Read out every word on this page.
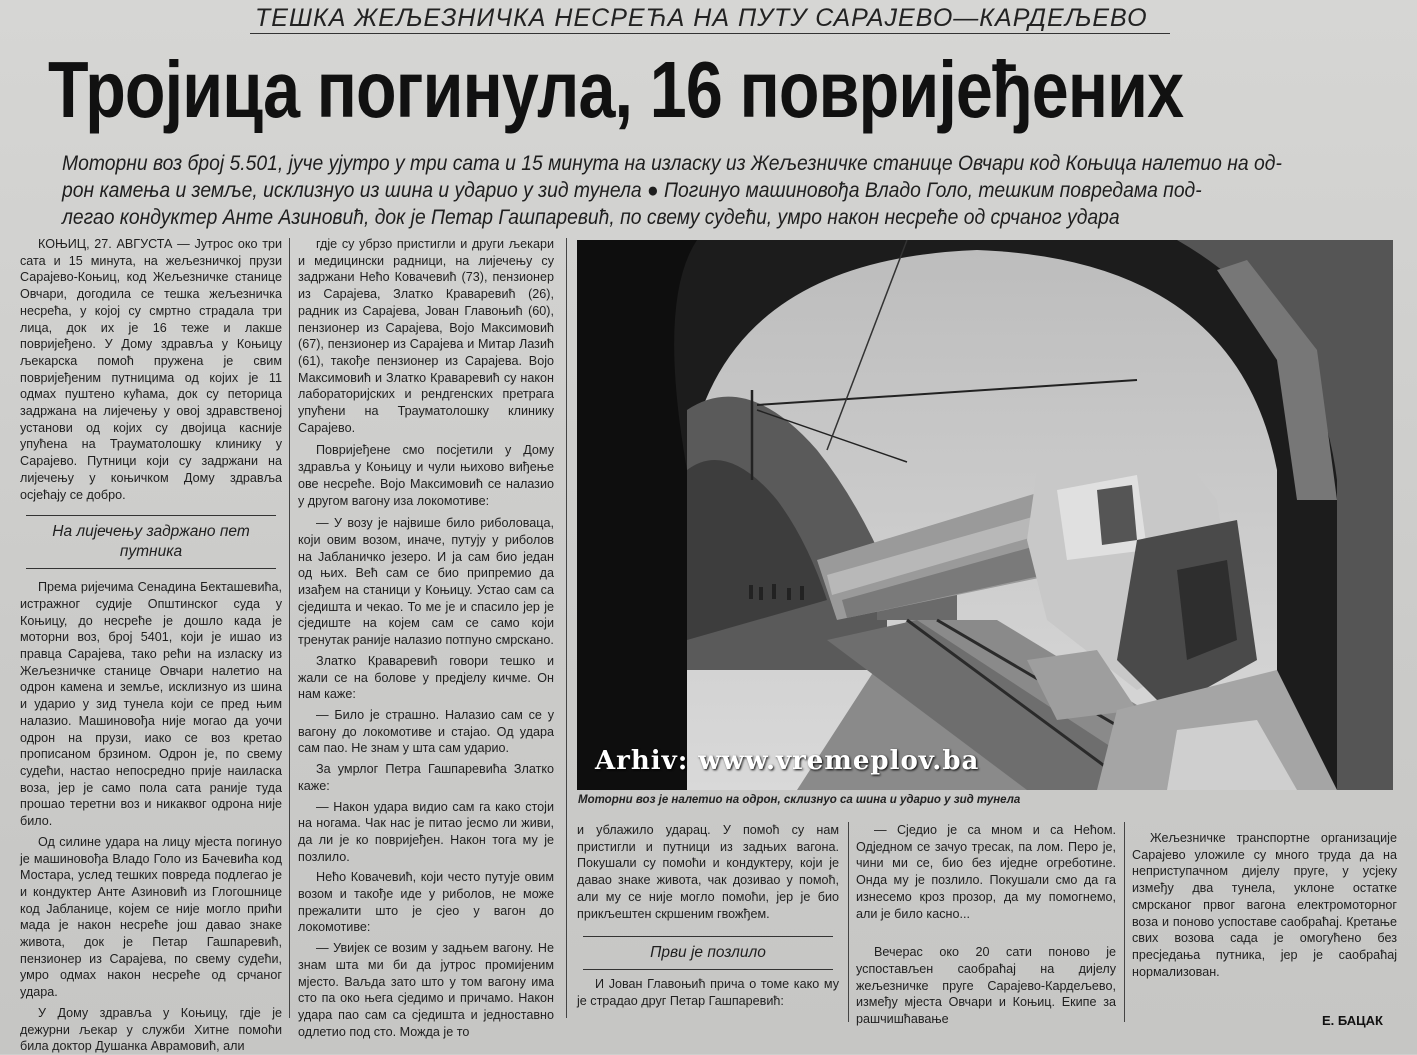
ТЕШКА ЖЕЉЕЗНИЧКА НЕСРЕЋА НА ПУТУ САРАЈЕВО—КАРДЕЉЕВО
Тројица погинула, 16 повријеђених

Моторни воз број 5.501, јуче ујутро у три сата и 15 минута на изласку из Жељезничке станице Овчари код Коњица налетио на од-

рон камења и земље, исклизнуо из шина и ударио у зид тунела ● Погинуо машиновођа Владо Голо, тешким повредама под-

легао кондуктер Анте Азиновић, док је Петар Гашпаревић, по свему судећи, умро након несреће од срчаног удара

КОЊИЦ, 27. АВГУСТА — Јутрос око три сата и 15 минута, на жељезничкој прузи Сарајево-Коњиц, код Жељезничке станице Овчари, догодила се тешка жељезничка несрећа, у којој су смртно страдала три лица, док их је 16 теже и лакше повријеђено. У Дому здравља у Коњицу љекарска помоћ пружена је свим повријеђеним путницима од којих је 11 одмах пуштено кућама, док су петорица задржана на лијечењу у овој здравственој установи од којих су двојица касније упућена на Трауматолошку клинику у Сарајево. Путници који су задржани на лијечењу у коњичком Дому здравља осјећају се добро.

На лијечењу задржано пет путника

Према ријечима Сенадина Бекташевића, истражног судије Општинског суда у Коњицу, до несреће је дошло када је моторни воз, број 5401, који је ишао из правца Сарајева, тако рећи на изласку из Жељезничке станице Овчари налетио на одрон камена и земље, исклизнуо из шина и ударио у зид тунела који се пред њим налазио. Машиновођа није могао да уочи одрон на прузи, иако се воз кретао прописаном брзином. Одрон је, по свему судећи, настао непосредно прије наиласка воза, јер је само пола сата раније туда прошао теретни воз и никаквог одрона није било.

Од силине удара на лицу мјеста погинуо је машиновођа Владо Голо из Бачевића код Мостара, услед тешких повреда подлегао је и кондуктер Анте Азиновић из Глогошнице код Јабланице, којем се није могло прићи мада је након несреће још давао знаке живота, док је Петар Гашпаревић, пензионер из Сарајева, по свему судећи, умро одмах након несреће од срчаног удара.

У Дому здравља у Коњицу, гдје је дежурни љекар у служби Хитне помоћи била доктор Душанка Аврамовић, али

гдје су убрзо пристигли и други љекари и медицински радници, на лијечењу су задржани Нећо Ковачевић (73), пензионер из Сарајева, Златко Краваревић (26), радник из Сарајева, Јован Главоњић (60), пензионер из Сарајева, Војо Максимовић (67), пензионер из Сарајева и Митар Лазић (61), такође пензионер из Сарајева. Војо Максимовић и Златко Краваревић су након лабораторијских и рендгенских претрага упућени на Трауматолошку клинику Сарајево.

Повријеђене смо посјетили у Дому здравља у Коњицу и чули њихово виђење ове несреће. Војо Максимовић се налазио у другом вагону иза локомотиве:

— У возу је највише било риболоваца, који овим возом, иначе, путују у риболов на Јабланичко језеро. И ја сам био један од њих. Већ сам се био припремио да изађем на станици у Коњицу. Устао сам са сједишта и чекао. То ме је и спасило јер је сједиште на којем сам се само који тренутак раније налазио потпуно смрскано.

Златко Краваревић говори тешко и жали се на болове у предјелу кичме. Он нам каже:

— Било је страшно. Налазио сам се у вагону до локомотиве и стајао. Од удара сам пао. Не знам у шта сам ударио.

За умрлог Петра Гашпаревића Златко каже:

— Након удара видио сам га како стоји на ногама. Чак нас је питао јесмо ли живи, да ли је ко повријеђен. Након тога му је позлило.

Нећо Ковачевић, који често путује овим возом и такође иде у риболов, не може прежалити што је сјео у вагон до локомотиве:

— Увијек се возим у задњем вагону. Не знам шта ми би да јутрос промијеним мјесто. Ваљда зато што у том вагону има сто па око њега сједимо и причамо. Након удара пао сам са сједишта и једноставно одлетио под сто. Можда је то

Arhiv: www.vremeplov.ba
Моторни воз је налетио на одрон, склизнуо са шина и ударио у зид тунела

и ублажило ударац. У помоћ су нам пристигли и путници из задњих вагона. Покушали су помоћи и кондуктеру, који је давао знаке живота, чак дозивао у помоћ, али му се није могло помоћи, јер је био прикљештен скршеним гвожђем.

Први је позлило

И Јован Главоњић прича о томе како му је страдао друг Петар Гашпаревић:

— Сједио је са мном и са Нећом. Одједном се зачуо тресак, па лом. Перо је, чини ми се, био без иједне огреботине. Онда му је позлило. Покушали смо да га изнесемо кроз прозор, да му помогнемо, али је било касно...

Вечерас око 20 сати поново је успостављен саобраћај на дијелу жељезничке пруге Сарајево-Кардељево, између мјеста Овчари и Коњиц. Екипе за рашчишћавање

Жељезничке транспортне организације Сарајево уложиле су много труда да на неприступачном дијелу пруге, у усјеку између два тунела, уклоне остатке смрсканог првог вагона електромоторног воза и поново успоставе саобраћај. Кретање свих возова сада је омогућено без пресједања путника, јер је саобраћај нормализован.

Е. БАЦАК
